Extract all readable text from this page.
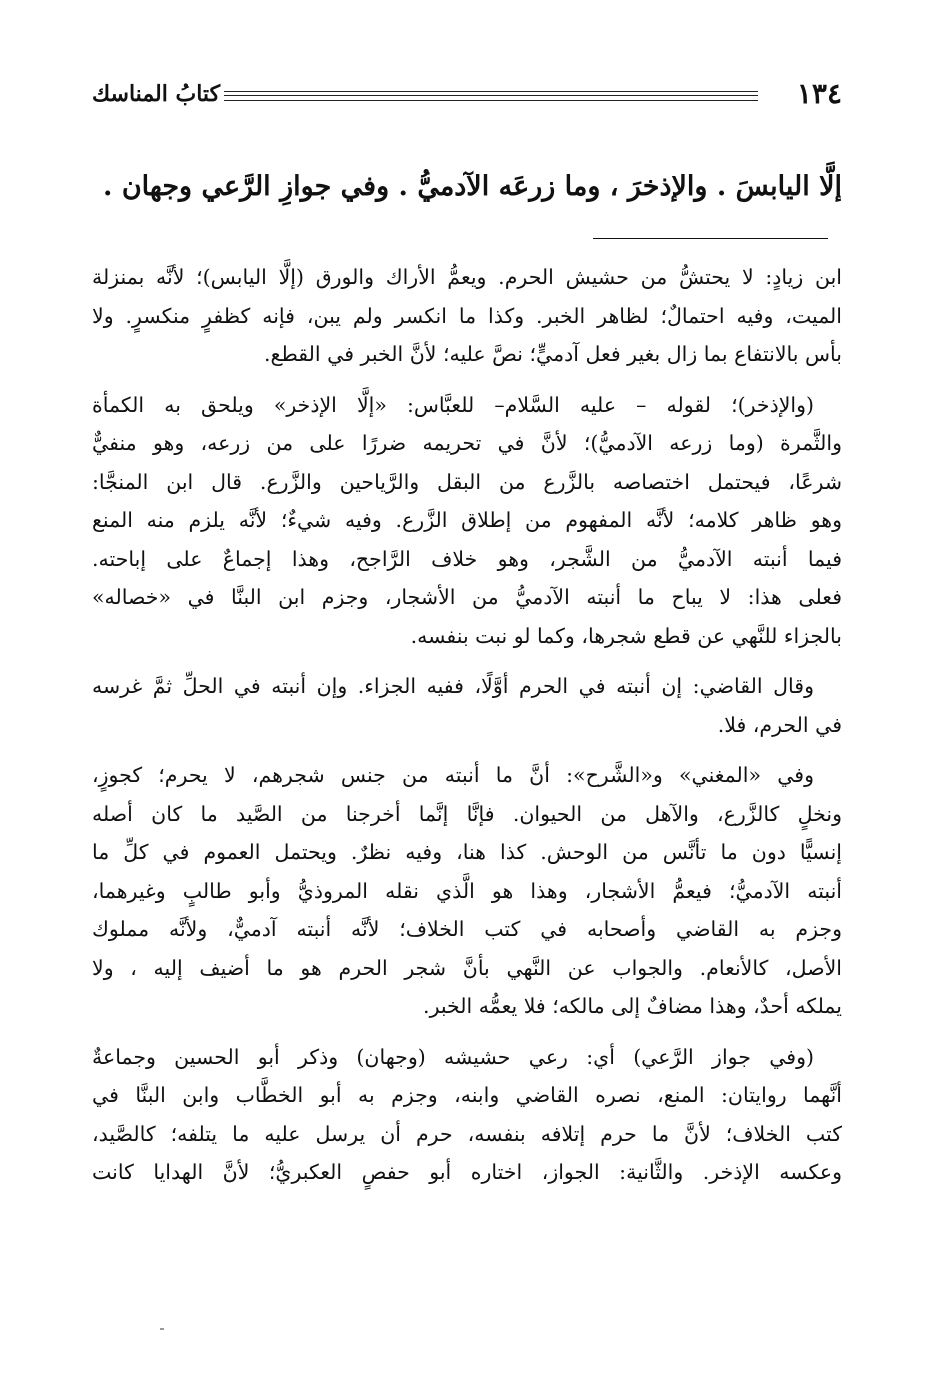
١٣٤
كتابُ المناسك
إلَّا اليابسَ . والإذخرَ ، وما زرعَه الآدميُّ . وفي جوازِ الرَّعي وجهان .
ابن زيادٍ: لا يحتشُّ من حشيش الحرم. ويعمُّ الأراك والورق (إلَّا اليابس)؛ لأنَّه بمنزلة
الميت، وفيه احتمالٌ؛ لظاهر الخبر. وكذا ما انكسر ولم يبن، فإنه كظفرٍ منكسرٍ. ولا
بأس بالانتفاع بما زال بغير فعل آدميٍّ؛ نصَّ عليه؛ لأنَّ الخبر في القطع.
(والإذخر)؛ لقوله – عليه السَّلام– للعبَّاس: «إلَّا الإذخر» ويلحق به الكمأة
والثَّمرة (وما زرعه الآدميُّ)؛ لأنَّ في تحريمه ضررًا على من زرعه، وهو منفيٌّ
شرعًا، فيحتمل اختصاصه بالزَّرع من البقل والرَّياحين والزَّرع. قال ابن المنجَّا:
وهو ظاهر كلامه؛ لأنَّه المفهوم من إطلاق الزَّرع. وفيه شيءٌ؛ لأنَّه يلزم منه المنع
فيما أنبته الآدميُّ من الشَّجر، وهو خلاف الرَّاجح، وهذا إجماعٌ على إباحته.
فعلى هذا: لا يباح ما أنبته الآدميُّ من الأشجار، وجزم ابن البنَّا في «خصاله»
بالجزاء للنَّهي عن قطع شجرها، وكما لو نبت بنفسه.
وقال القاضي: إن أنبته في الحرم أوَّلًا، ففيه الجزاء. وإن أنبته في الحلِّ ثمَّ غرسه
في الحرم، فلا.
وفي «المغني» و«الشَّرح»: أنَّ ما أنبته من جنس شجرهم، لا يحرم؛ كجوزٍ،
ونخلٍ كالزَّرع، والآهل من الحيوان. فإنَّا إنَّما أخرجنا من الصَّيد ما كان أصله
إنسيًّا دون ما تأنَّس من الوحش. كذا هنا، وفيه نظرٌ. ويحتمل العموم في كلِّ ما
أنبته الآدميُّ؛ فيعمُّ الأشجار، وهذا هو الَّذي نقله المروذيُّ وأبو طالبٍ وغيرهما،
وجزم به القاضي وأصحابه في كتب الخلاف؛ لأنَّه أنبته آدميٌّ، ولأنَّه مملوك
الأصل، كالأنعام. والجواب عن النَّهي بأنَّ شجر الحرم هو ما أضيف إليه ، ولا
يملكه أحدٌ، وهذا مضافٌ إلى مالكه؛ فلا يعمُّه الخبر.
(وفي جواز الرَّعي) أي: رعي حشيشه (وجهان) وذكر أبو الحسين وجماعةٌ
أنَّهما روايتان: المنع، نصره القاضي وابنه، وجزم به أبو الخطَّاب وابن البنَّا في
كتب الخلاف؛ لأنَّ ما حرم إتلافه بنفسه، حرم أن يرسل عليه ما يتلفه؛ كالصَّيد،
وعكسه الإذخر. والثَّانية: الجواز، اختاره أبو حفصٍ العكبريُّ؛ لأنَّ الهدايا كانت
